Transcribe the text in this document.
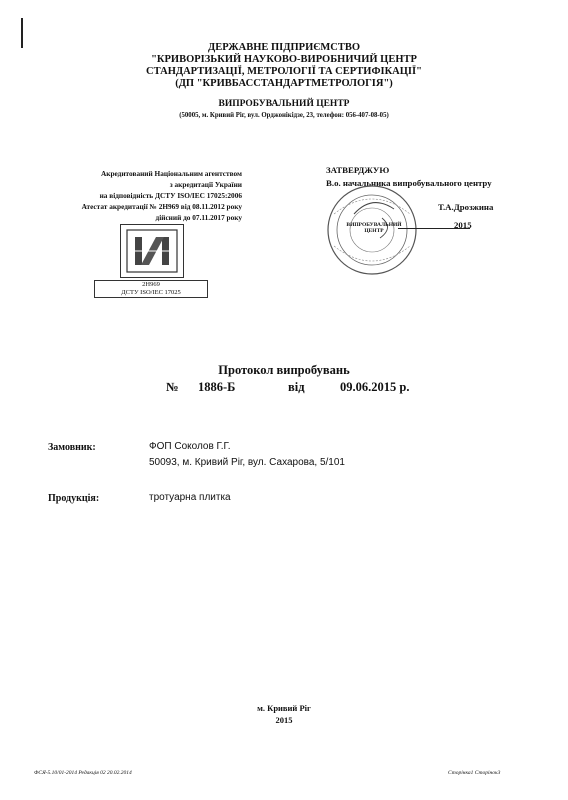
ДЕРЖАВНЕ ПІДПРИЄМСТВО
"КРИВОРІЗЬКИЙ НАУКОВО-ВИРОБНИЧИЙ ЦЕНТР
СТАНДАРТИЗАЦІЇ, МЕТРОЛОГІЇ ТА СЕРТИФІКАЦІЇ"
(ДП "КРИВБАССТАНДАРТМЕТРОЛОГІЯ")
ВИПРОБУВАЛЬНИЙ ЦЕНТР
(50005, м. Кривий Ріг, вул. Орджонікідзе, 23, телефон: 056-407-08-05)
Акредитований Національним агентством
з акредитації України
на відповідність ДСТУ ISO/IEC 17025:2006
Атестат акредитації № 2Н969 від 08.11.2012 року
дійсний до 07.11.2017 року
2Н969
ДСТУ ISO/IEC 17025
ЗАТВЕРДЖУЮ
В.о. начальника випробувального центру
ВИПРОБУВАЛЬНИЙ ЦЕНТР
Т.А.Дрозжина
2015
Протокол випробувань
№ 1886-Б	від	09.06.2015 р.
Замовник:	ФОП Соколов Г.Г.
50093, м. Кривий Ріг, вул. Сахарова, 5/101
Продукція:	тротуарна плитка
м. Кривий Ріг
2015
ФСЯ-5.10/01-2014 Редакція 02 20.02.2014	Сторінка1 Сторінок3
